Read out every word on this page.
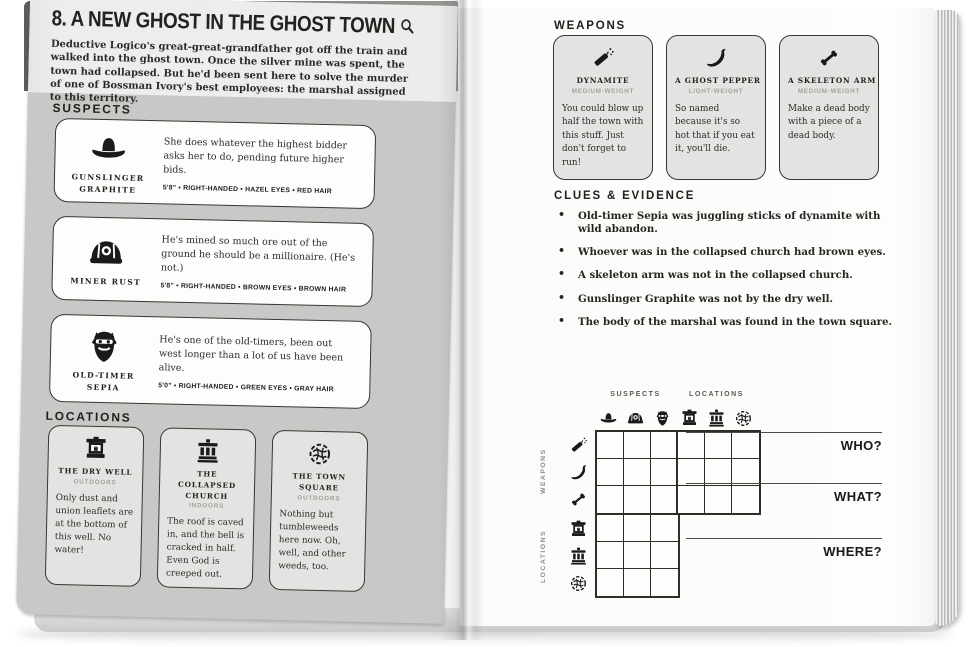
8. A NEW GHOST IN THE GHOST TOWN

Deductive Logico's great-great-grandfather got off the train and walked into the ghost town. Once the silver mine was spent, the town had collapsed. But he'd been sent here to solve the murder of one of Bossman Ivory's best employees: the marshal assigned to this territory.

SUSPECTS
GUNSLINGER GRAPHITE

She does whatever the highest bidder asks her to do, pending future higher bids.

5'8" • RIGHT-HANDED • HAZEL EYES • RED HAIR

MINER RUST

He's mined so much ore out of the ground he should be a millionaire. (He's not.)

5'8" • RIGHT-HANDED • BROWN EYES • BROWN HAIR

OLD-TIMER SEPIA

He's one of the old-timers, been out west longer than a lot of us have been alive.

5'0" • RIGHT-HANDED • GREEN EYES • GRAY HAIR

LOCATIONS
THE DRY WELL
OUTDOORS

Only dust and union leaflets are at the bottom of this well. No water!

THE COLLAPSED CHURCH
INDOORS

The roof is caved in, and the bell is cracked in half. Even God is creeped out.

THE TOWN SQUARE
OUTDOORS

Nothing but tumbleweeds here now. Oh, well, and other weeds, too.

WEAPONS
DYNAMITE
MEDIUM-WEIGHT

You could blow up half the town with this stuff. Just don't forget to run!

A GHOST PEPPER
LIGHT-WEIGHT

So named because it's so hot that if you eat it, you'll die.

A SKELETON ARM
MEDIUM-WEIGHT

Make a dead body with a piece of a dead body.

CLUES & EVIDENCE
• Old-timer Sepia was juggling sticks of dynamite with wild abandon.
• Whoever was in the collapsed church had brown eyes.
• A skeleton arm was not in the collapsed church.
• Gunslinger Graphite was not by the dry well.
• The body of the marshal was found in the town square.
SUSPECTS	LOCATIONS
WEAPONS
LOCATIONS
WHO?
WHAT?
WHERE?
